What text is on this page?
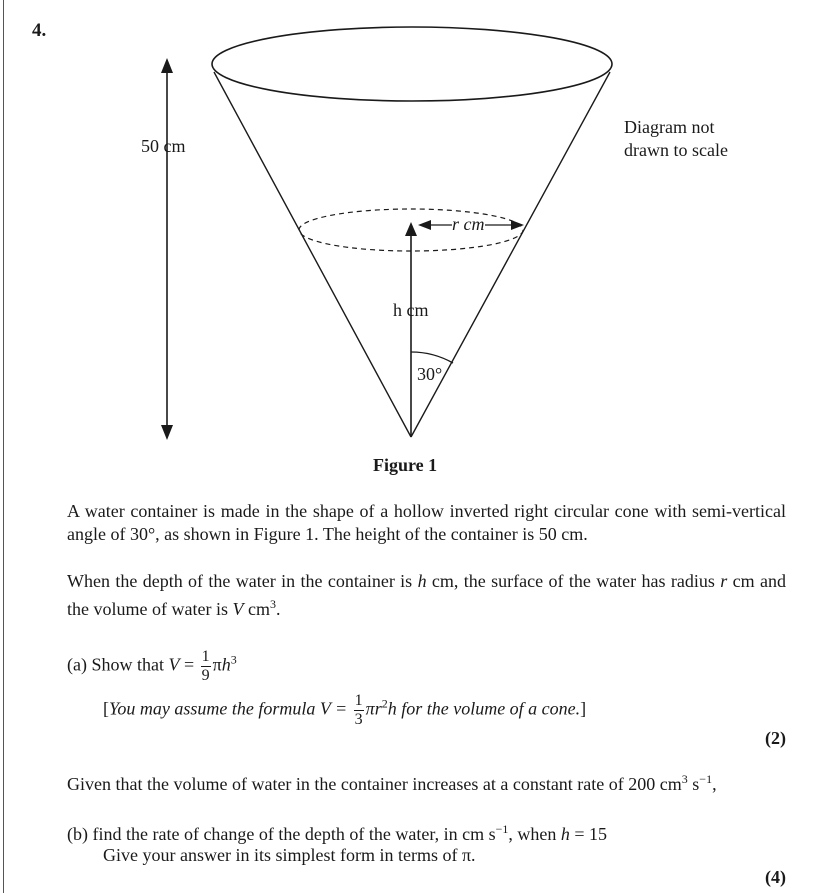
4.
50 cm
r cm
h cm
30°
Diagram not
drawn to scale
Figure 1
A water container is made in the shape of a hollow inverted right circular cone with semi-vertical angle of 30°, as shown in Figure 1. The height of the container is 50 cm.
When the depth of the water in the container is h cm, the surface of the water has radius r cm and the volume of water is V $cm^3$.
(a) Show that $V = \frac{1}{9} \pi h^3$
[You may assume the formula $V = \frac{1}{3} \pi r^2h$ for the volume of a cone.]
(2)
Given that the volume of water in the container increases at a constant rate of 200 $cm^3$ $s^{-1}$,
(b) find the rate of change of the depth of the water, in cm $s^{-1}$, when h = 15
Give your answer in its simplest form in terms of π.
(4)
